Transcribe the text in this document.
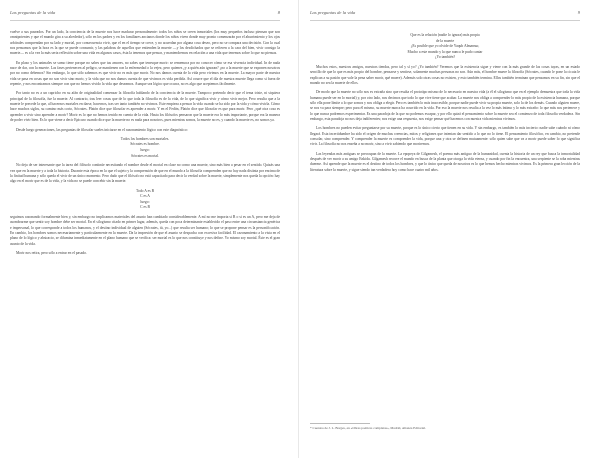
Las preguntas de la vida	8

vuelve a sus paseados. Por un lado, la conciencia de la muerte nos hace madurar personalmente: todos los niños se creen inmortales (los muy pequeños incluso piensan que son omnipotentes y que el mundo gira a su alrededor), sólo en los padres y en los familiares ancianos donde los niños viven donde muy pronto comenzarán por el aburrimiento y los ojos arbitrales comprendan por su lado y mortal, por consecuencia vivir, que el en el tiempo se crece, y no acuerdan por alguna cosa deseo, pero no se compara una decisión. Con la cual nos pensamos que la hora es la que se puede consumir, y las palabras de aquellos que entienden la muerte —y los desdichados que se refieren a la cara del bien, vivir consigo la muerte— es a la vez la más seria reflexión sobre una vida en algunos casos, ésta la tenemos que pensar, y mantendremos en relación a una vida que tenemos sobre lo que no piensas.

En plazo y los animales se somo tiene porque no sabes que tus amores, no sabes que tenesque morir: se rememora por no conocer cómo se esa vivencia individual. In de nada nace de dar, con la muerte. Las fases pertenecen al peligro, se mantienen con la enfermedad o la vejez, pero quienes ¿y a quién aún ignoran? ¿no a la muerte que se exponen nosotros por no como debemos? Sin embargo, lo que sólo sabemos es que vivir no es más que morir. No nos damos cuenta de la vida pero vivimos en la muerte. La mayor parte de nuestra vida se pasa en cosas que no son vivir sino morir, y la vida que no nos damos cuenta de que vivimos es vida perdida. Así ocurre que el día de nuestra muerte llega como si fuera de repente, y nos encontramos siempre con que no hemos vivido la vida que deseamos. Aunque sea lógico que ocurra, no es algo que aceptemos fácilmente.

Por tanto no es a un capricho en su afán de originalidad comenzar la filosofía hablando de la conciencia de la muerte. Tampoco pretendo decir que el tema triste, ni siquiera principal de la filosofía, fue la muerte. Al contrario, tras leer cosas que de lo que toda la filosofía es de la vida, de lo que significa vivir y cómo vivir mejor. Pero resulta que a la muerte le precede la que, al hacernos mortales en darse, hacernos, tras ser tanto también no vivimos. Este empieza a pensar la vida cuando se ha sido por la vida y cómo vivirla. Cómo hace muchos siglos, su camino más corto, Sócrates. Platón dice que filosofar es aprender a morir. Y en el Fedón, Platón dice que filosofar es que para morir. Pero ¿qué otra cosa es aprender a vivir sino aprender a morir? Morir es lo que no hemos tenido en cuenta de la vida. Hasta los filósofos pensaron que la muerte era lo más importante, porque era la manera de poder vivir bien. Es lo que viene a decir Epicuro cuando dice que la muerte no es nada para nosotros, pues mientras somos, la muerte no es, y cuando la muerte es, no somos ya.

Desde luego generaciones, las preguntas de filosofar sueles iniciarse en el razonamiento lógico con este diagnóstico:

Todos los hombres son mortales.
Sócrates es hombre.
luego:
Sócrates es mortal.

No deja de ser interesante que la tarea del filósofo continúe necesitando el nombre desde el mortal en clase no como una muerte, sino más bien a pesar en el sentido. Quizás una vez que en la muerte y a toda la historia. Durante esta época en la que el sujeto y la comprensión de que en el mundo a la filosofía comprenden que no hay nada distinta por encima de la finitud humana y sólo queda el vivir de un único momento. Pero dado que el filósofo no está capacitado para decir la verdad sobre la muerte, simplemente nos queda la opción: hay algo en el morir que es de la vida, y la vida no se puede concebir sin la muerte.

Todo A es B
C es A
luego:
C es B

seguimos razonando formalmente bien y, sin embargo no implicamos materiales del asunto han cambiado considerablemente. A mí no me importa si B o si es un A, pero me deja de asombrarme que sentir soy hombre debe ser mortal. En el silogismo citado en primer lugar, además, queda con poca determinante establecido el paso entre una circunstancia genérica e impersonal, lo que corresponde a todos los humanos, y el destino individual de alguien (Sócrates, tú, yo...) que resulta ser humano; lo que se propone pensar es la personificación. En cambio, los hombres somos necesariamente y particularmente en la muerte. Da la impresión de que el asunto se despacha con excesiva facilidad. El razonamiento a la vista en el plano de lo lógico y abstracto, se difumina inmediatamente en el plano humano que se verifica: ser mortal es lo que nos constituye y nos define. Yo mismo soy mortal. Éste es el gran asunto de la vida.

Morir nos retira, pero sólo a entrar en el pasado.

Las preguntas de la vida	9
Que es la relación (nadie lo ignora) más propia
de la muerte
¿Es posible que yo olvide de Yaqub Almansur,
Mucho a este mundo y la que nunca le pudo cantar
¿Yo también?

Muchos estos, nuestros amigos, nuestras tiendas, pero tal y sí yo? ¿Yo también? Veremos que la existencia sigue y viene con la más grande de las cosas tuyas, en un estado sencillo de que lo que es más propio del hombre, pensarse y sentirse, solamente muchas personas no son. Aún más, el hombre muere la filosofía (Sócrates, cuando le pone la cicuta le explican a su pasión que vale la pena saber morir, qué muere). Además solo otras cosas no existen, y esto también termina. Ellos también terminan que pensamos en su fin, sin que el mundo no sea la muerte de ellos.

De modo que la muerte no sólo nos es extraña sino que resulta el prototipo mismo de lo necesario en nuestra vida (a él el silogismo que en el ejemplo demuestra que toda la vida humana puede ser en lo mortal) y, por otro lado, nos decimos que todo lo que vive tiene que acabar. La muerte nos obliga a comprender lo más propio de la existencia humana, porque sólo ella pone límite a lo que somos y nos obliga a elegir. Pero es también lo más inaccesible, porque nadie puede vivir su propia muerte, solo la de los demás. Cuando alguien muere, se nos va para siempre; pero para él mismo, su muerte nunca ha ocurrido en la vida. Por eso la muerte nos resulta a la vez lo más íntimo y lo más extraño: lo que más nos pertenece y lo que nunca podremos experimentar. Es una paradoja de la que no podemos escapar, y por ello quizá el pensamiento sobre la muerte sea el comienzo de toda filosofía verdadera. Sin embargo, esta paradoja no nos deja indiferentes; nos exige una respuesta, nos exige pensar qué hacemos con nuestra vida mientras vivimos.

Los hombres no pueden evitar preguntarse por su muerte, porque es lo único cierto que tienen en su vida. Y sin embargo, es también lo más incierto: nadie sabe cuándo ni cómo llegará. Esta incertidumbre ha sido el origen de muchas creencias, mitos y religiones que intentan dar sentido a lo que no lo tiene. El pensamiento filosófico, en cambio, no pretende consolar, sino comprender. Y comprender la muerte es comprender la vida, porque una y otra se definen mutuamente: sólo quien sabe que va a morir puede saber lo que significa vivir. La filosofía no nos enseña a no morir, sino a vivir sabiendo que moriremos.

Las leyendas más antiguas se preocupan de la muerte. La epopeya de Gilgamesh, el poema más antiguo de la humanidad, cuenta la historia de un rey que busca la inmortalidad después de ver morir a su amigo Enkidu. Gilgamesh recorre el mundo en busca de la planta que otorga la vida eterna, y cuando por fin la encuentra, una serpiente se la roba mientras duerme. Así aprende que la muerte es el destino de todos los hombres, y que lo único que queda de nosotros es lo que hemos hecho mientras vivimos. Es la primera gran lección de la literatura sobre la muerte, y sigue siendo tan verdadera hoy como hace cuatro mil años.

* Cuentos de J. L. Borges, en «Obras poéticas completas», Madrid, Alianza Editorial.
